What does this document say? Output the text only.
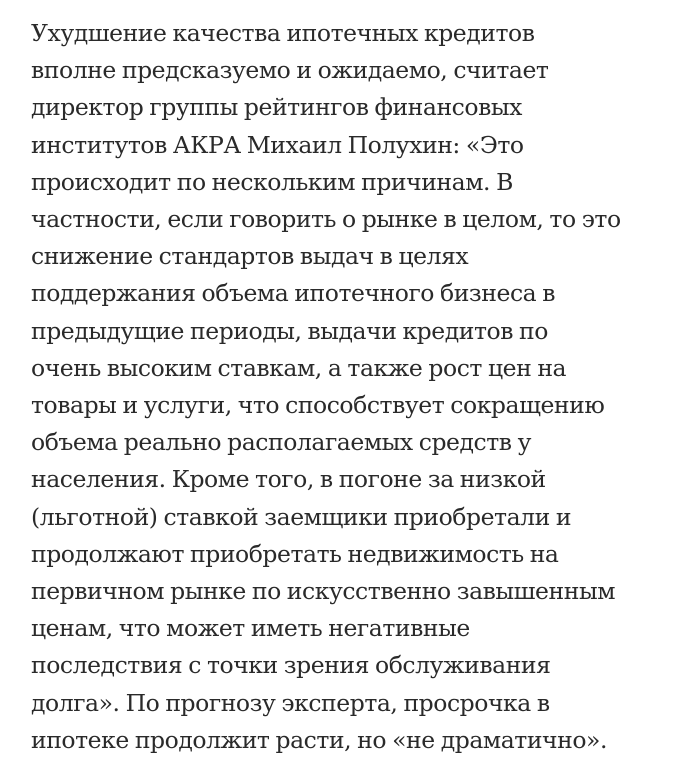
Ухудшение качества ипотечных кредитов
вполне предсказуемо и ожидаемо, считает
директор группы рейтингов финансовых
институтов АКРА Михаил Полухин: «Это
происходит по нескольким причинам. В
частности, если говорить о рынке в целом, то это
снижение стандартов выдач в целях
поддержания объема ипотечного бизнеса в
предыдущие периоды, выдачи кредитов по
очень высоким ставкам, а также рост цен на
товары и услуги, что способствует сокращению
объема реально располагаемых средств у
населения. Кроме того, в погоне за низкой
(льготной) ставкой заемщики приобретали и
продолжают приобретать недвижимость на
первичном рынке по искусственно завышенным
ценам, что может иметь негативные
последствия с точки зрения обслуживания
долга». По прогнозу эксперта, просрочка в
ипотеке продолжит расти, но «не драматично».
